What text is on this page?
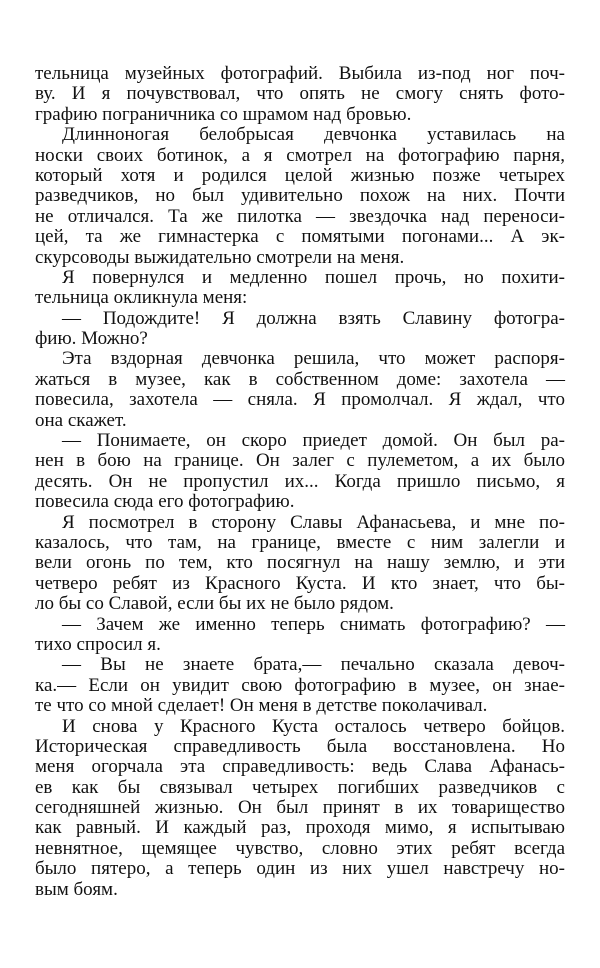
тельница музейных фотографий. Выбила из-под ног поч-
ву. И я почувствовал, что опять не смогу снять фото-
графию пограничника со шрамом над бровью.
Длинноногая белобрысая девчонка уставилась на
носки своих ботинок, а я смотрел на фотографию парня,
который хотя и родился целой жизнью позже четырех
разведчиков, но был удивительно похож на них. Почти
не отличался. Та же пилотка — звездочка над переноси-
цей, та же гимнастерка с помятыми погонами... А эк-
скурсоводы выжидательно смотрели на меня.
Я повернулся и медленно пошел прочь, но похити-
тельница окликнула меня:
— Подождите! Я должна взять Славину фотогра-
фию. Можно?
Эта вздорная девчонка решила, что может распоря-
жаться в музее, как в собственном доме: захотела —
повесила, захотела — сняла. Я промолчал. Я ждал, что
она скажет.
— Понимаете, он скоро приедет домой. Он был ра-
нен в бою на границе. Он залег с пулеметом, а их было
десять. Он не пропустил их... Когда пришло письмо, я
повесила сюда его фотографию.
Я посмотрел в сторону Славы Афанасьева, и мне по-
казалось, что там, на границе, вместе с ним залегли и
вели огонь по тем, кто посягнул на нашу землю, и эти
четверо ребят из Красного Куста. И кто знает, что бы-
ло бы со Славой, если бы их не было рядом.
— Зачем же именно теперь снимать фотографию? —
тихо спросил я.
— Вы не знаете брата,— печально сказала девоч-
ка.— Если он увидит свою фотографию в музее, он знае-
те что со мной сделает! Он меня в детстве поколачивал.
И снова у Красного Куста осталось четверо бойцов.
Историческая справедливость была восстановлена. Но
меня огорчала эта справедливость: ведь Слава Афанась-
ев как бы связывал четырех погибших разведчиков с
сегодняшней жизнью. Он был принят в их товарищество
как равный. И каждый раз, проходя мимо, я испытываю
невнятное, щемящее чувство, словно этих ребят всегда
было пятеро, а теперь один из них ушел навстречу но-
вым боям.
